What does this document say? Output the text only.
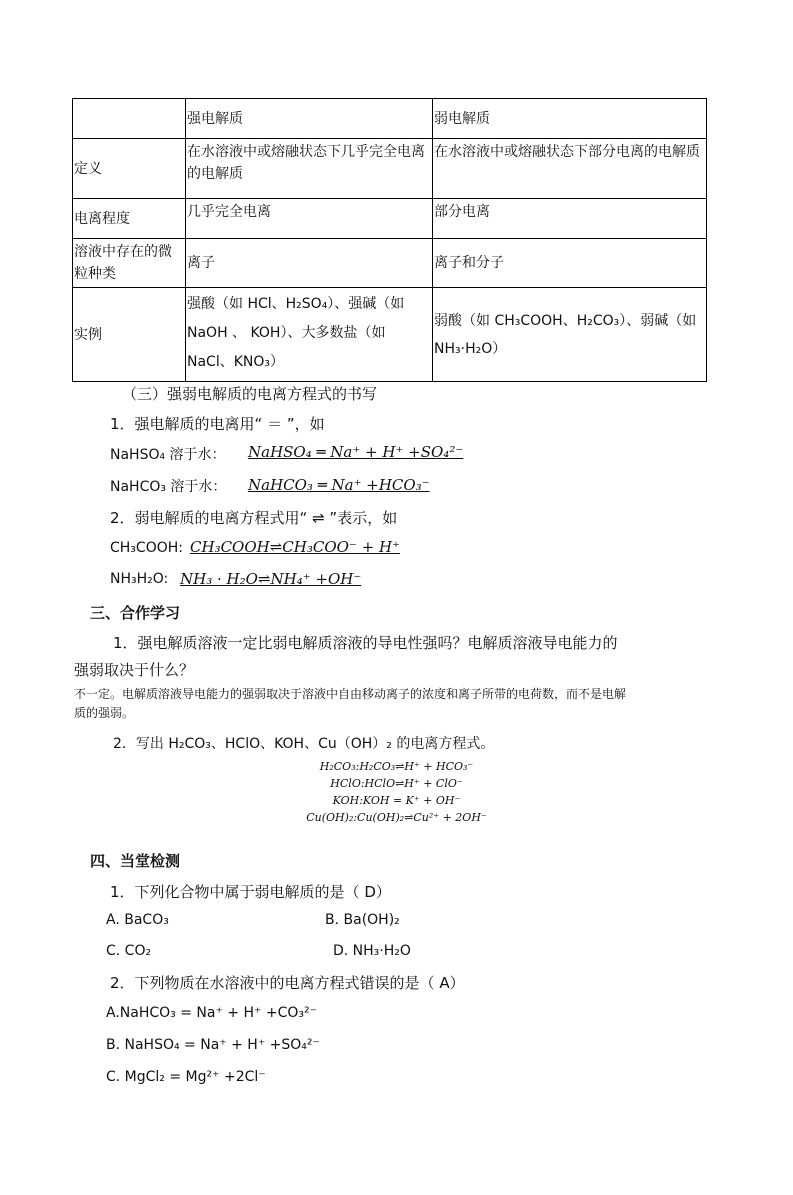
	强电解质	弱电解质
定义	在水溶液中或熔融状态下几乎完全电离的电解质	在水溶液中或熔融状态下部分电离的电解质
电离程度	几乎完全电离	部分电离
溶液中存在的微粒种类	离子	离子和分子
实例	强酸（如 HCl、H₂SO₄）、强碱（如 NaOH 、 KOH）、大多数盐（如 NaCl、KNO₃）	弱酸（如 CH₃COOH、H₂CO₃）、弱碱（如 NH₃·H₂O）
（三）强弱电解质的电离方程式的书写
1．强电解质的电离用“ ＝ ”，如
NaHSO₄ 溶于水： NaHSO₄ ═ Na⁺ + H⁺ +SO₄²⁻
NaHCO₃ 溶于水： NaHCO₃ ═ Na⁺ +HCO₃⁻
2．弱电解质的电离方程式用“ ⇌ ”表示，如
CH₃COOH: CH₃COOH⇌CH₃COO⁻ + H⁺
NH₃H₂O: NH₃ · H₂O⇌NH₄⁺ +OH⁻
三、合作学习
1．强电解质溶液一定比弱电解质溶液的导电性强吗？电解质溶液导电能力的
强弱取决于什么？
不一定。电解质溶液导电能力的强弱取决于溶液中自由移动离子的浓度和离子所带的电荷数，而不是电解
质的强弱。
2．写出 H₂CO₃、HClO、KOH、Cu（OH）₂ 的电离方程式。
H₂CO₃:H₂CO₃⇌H⁺ + HCO₃⁻
HClO:HClO⇌H⁺ + ClO⁻
KOH:KOH = K⁺ + OH⁻
Cu(OH)₂:Cu(OH)₂⇌Cu²⁺ + 2OH⁻
四、当堂检测
1．下列化合物中属于弱电解质的是（ D）
A. BaCO₃	B. Ba(OH)₂
C. CO₂	D. NH₃·H₂O
2．下列物质在水溶液中的电离方程式错误的是（ A）
A.NaHCO₃ = Na⁺ + H⁺ +CO₃²⁻
B. NaHSO₄ = Na⁺ + H⁺ +SO₄²⁻
C. MgCl₂ = Mg²⁺ +2Cl⁻
